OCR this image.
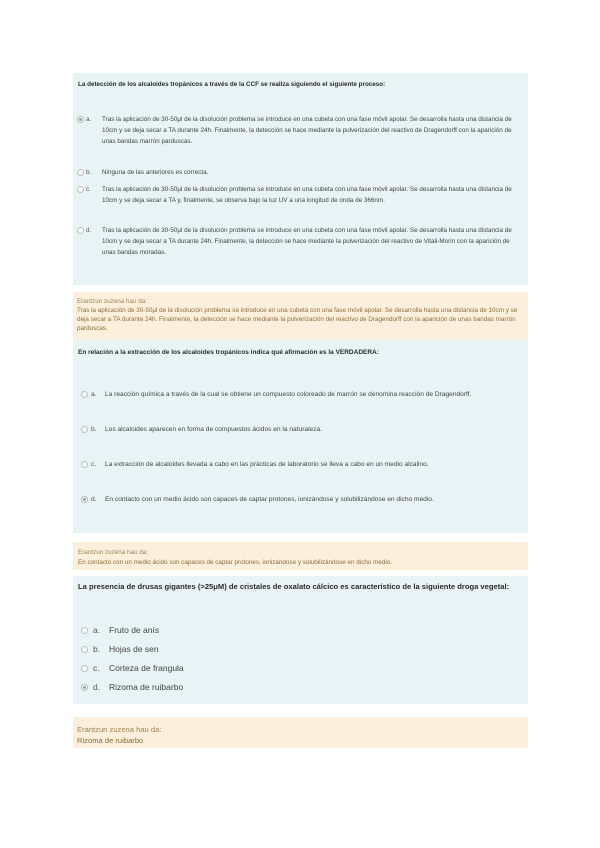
La detección de los alcaloides tropánicos a través de la CCF se realiza siguiendo el siguiente proceso:
a.	Tras la aplicación de 30-50μl de la disolución problema se introduce en una cubeta con una fase móvil apolar. Se desarrolla hasta una distancia de 10cm y se deja secar a TA durante 24h. Finalmente, la detección se hace mediante la pulverización del reactivo de Dragendorff con la aparición de unas bandas marrón parduscas.
b.	Ninguna de las anteriores es correcta.
c.	Tras la aplicación de 30-50μl de la disolución problema se introduce en una cubeta con una fase móvil apolar. Se desarrolla hasta una distancia de 10cm y se deja secar a TA y, finalmente, se observa bajo la luz UV a una longitud de onda de 366nm.
d.	Tras la aplicación de 30-50μl de la disolución problema se introduce en una cubeta con una fase móvil apolar. Se desarrolla hasta una distancia de 10cm y se deja secar a TA durante 24h. Finalmente, la detección se hace mediante la pulverización del reactivo de Vitali-Morin con la aparición de unas bandas moradas.
Erantzun zuzena hau da:
Tras la aplicación de 30-50μl de la disolución problema se introduce en una cubeta con una fase móvil apolar. Se desarrolla hasta una distancia de 10cm y se deja secar a TA durante 24h. Finalmente, la detección se hace mediante la pulverización del reactivo de Dragendorff con la aparición de unas bandas marrón parduscas.
En relación a la extracción de los alcaloides tropánicos indica qué afirmación es la VERDADERA:
a.	La reacción química a través de la cual se obtiene un compuesto coloreado de marrón se denomina reacción de Dragendorff.
b.	Los alcaloides aparecen en forma de compuestos ácidos en la naturaleza.
c.	La extracción de alcaloides llevada a cabo en las prácticas de laboratorio se lleva a cabo en un medio alcalino.
d.	En contacto con un medio ácido son capaces de captar protones, ionizándose y solubilizándose en dicho medio.
Erantzun zuzena hau da:
En contacto con un medio ácido son capaces de captar protones, ionizándose y solubilizándose en dicho medio.
La presencia de drusas gigantes (>25μM) de cristales de oxalato cálcico es característico de la siguiente droga vegetal:
a.	Fruto de anís
b.	Hojas de sen
c.	Corteza de frangula
d.	Rizoma de ruibarbo
Erantzun zuzena hau da:
Rizoma de ruibarbo
